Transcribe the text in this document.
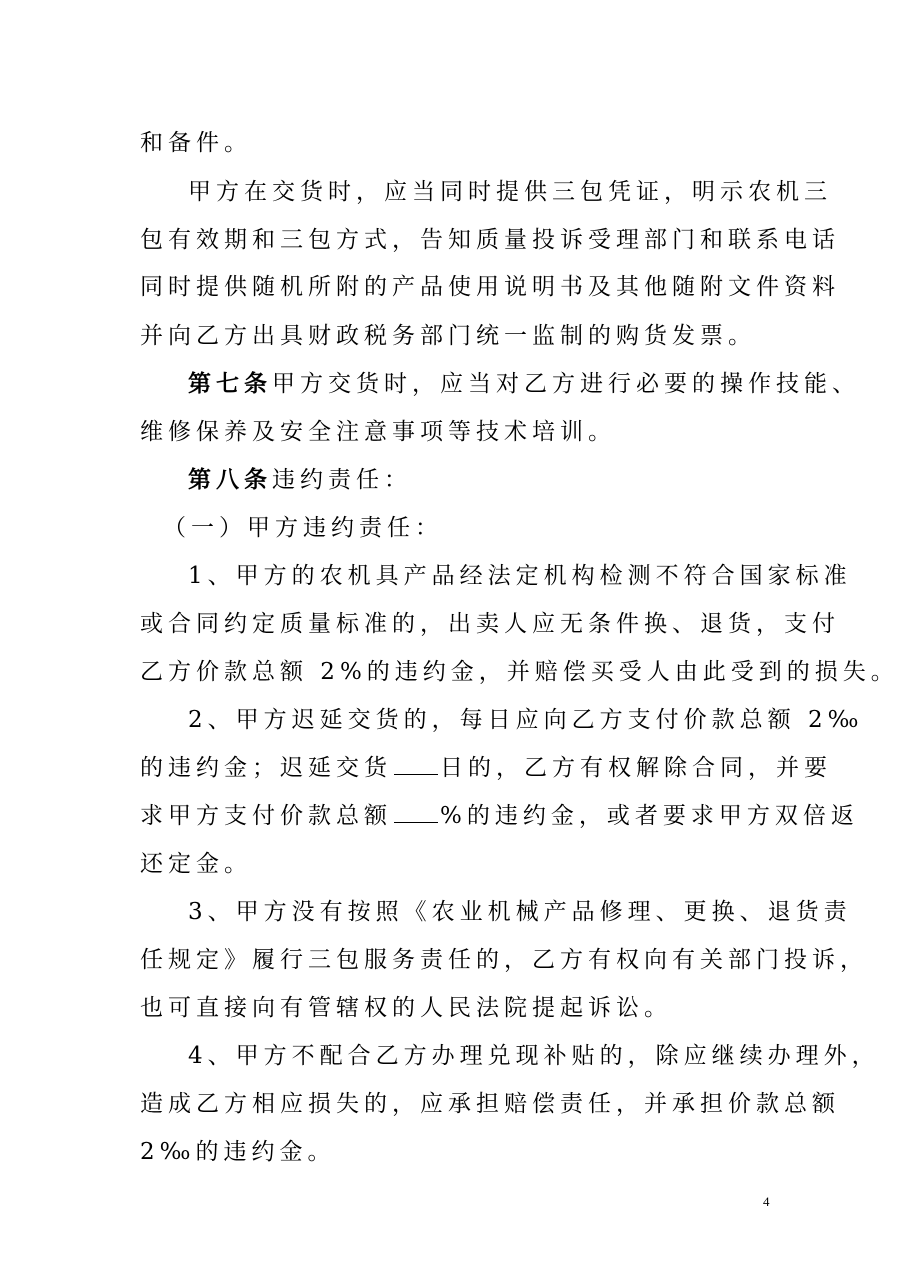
和备件。
甲方在交货时，应当同时提供三包凭证，明示农机三
包有效期和三包方式，告知质量投诉受理部门和联系电话
同时提供随机所附的产品使用说明书及其他随附文件资料
并向乙方出具财政税务部门统一监制的购货发票。
第七条甲方交货时，应当对乙方进行必要的操作技能、
维修保养及安全注意事项等技术培训。
第八条违约责任：
（一）甲方违约责任：
1、甲方的农机具产品经法定机构检测不符合国家标准
或合同约定质量标准的，出卖人应无条件换、退货，支付
乙方价款总额 2%的违约金，并赔偿买受人由此受到的损失。
2、甲方迟延交货的，每日应向乙方支付价款总额 2‰
的违约金；迟延交货 日的，乙方有权解除合同，并要
求甲方支付价款总额 %的违约金，或者要求甲方双倍返
还定金。
3、甲方没有按照《农业机械产品修理、更换、退货责
任规定》履行三包服务责任的，乙方有权向有关部门投诉，
也可直接向有管辖权的人民法院提起诉讼。
4、甲方不配合乙方办理兑现补贴的，除应继续办理外，
造成乙方相应损失的，应承担赔偿责任，并承担价款总额
2‰的违约金。
4
